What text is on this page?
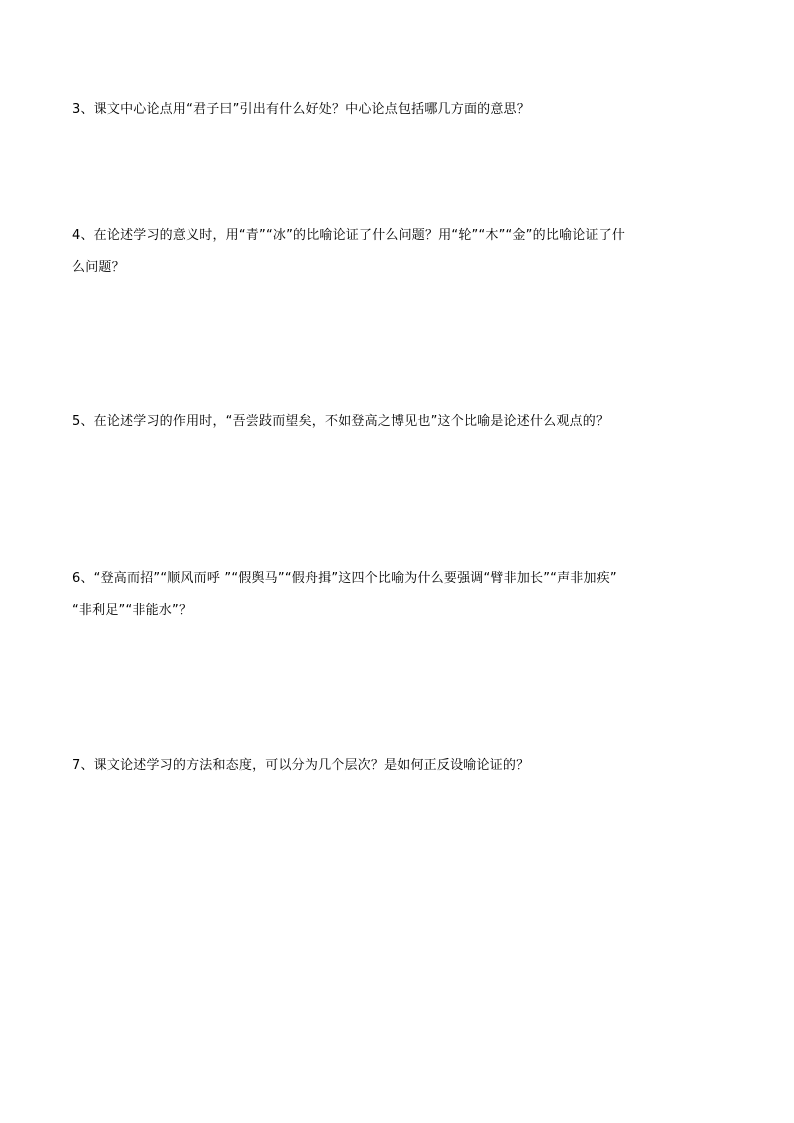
3、课文中心论点用“君子曰”引出有什么好处？中心论点包括哪几方面的意思？
4、在论述学习的意义时，用“青”“冰”的比喻论证了什么问题？用“轮”“木”“金”的比喻论证了什
么问题？
5、在论述学习的作用时，“吾尝跂而望矣，不如登高之博见也”这个比喻是论述什么观点的？
6、“登高而招”“顺风而呼 ”“假舆马”“假舟揖”这四个比喻为什么要强调“臂非加长”“声非加疾”
“非利足”“非能水”？
7、课文论述学习的方法和态度，可以分为几个层次？是如何正反设喻论证的？
